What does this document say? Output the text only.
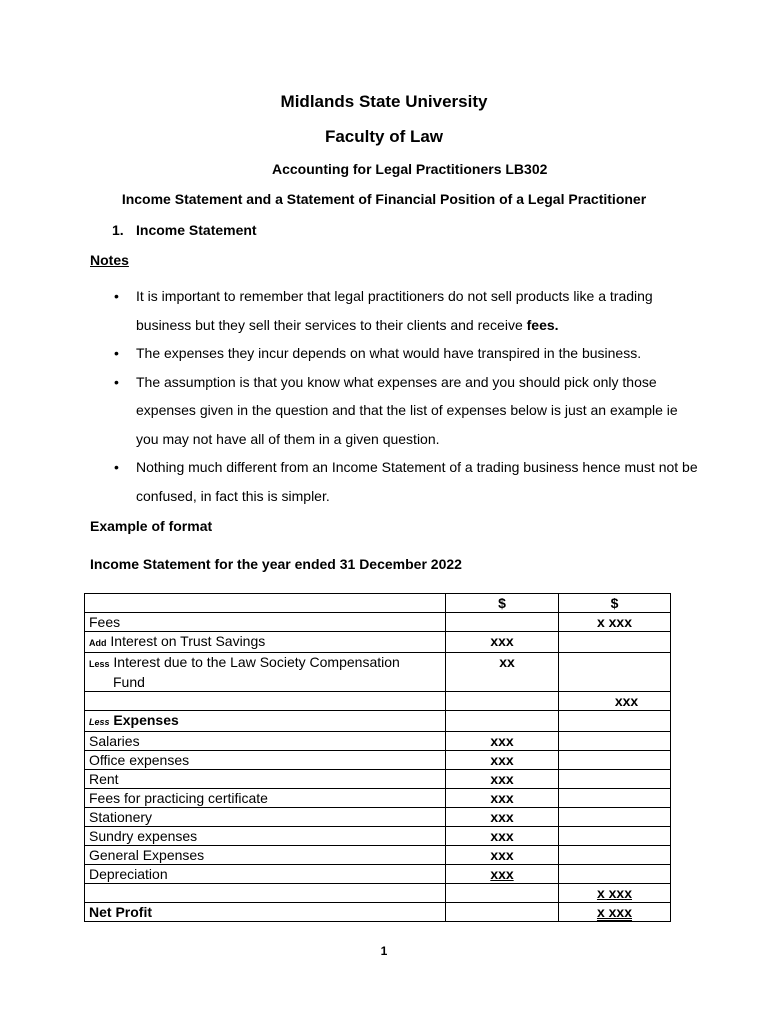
Midlands State University
Faculty of Law
Accounting for Legal Practitioners LB302
Income Statement and a Statement of Financial Position of a Legal Practitioner
1. Income Statement
Notes
• It is important to remember that legal practitioners do not sell products like a trading business but they sell their services to their clients and receive fees.
• The expenses they incur depends on what would have transpired in the business.
• The assumption is that you know what expenses are and you should pick only those expenses given in the question and that the list of expenses below is just an example ie you may not have all of them in a given question.
• Nothing much different from an Income Statement of a trading business hence must not be confused, in fact this is simpler.
Example of format
Income Statement for the year ended 31 December 2022
	$	$
Fees		x xxx
Add Interest on Trust Savings	xxx	
Less Interest due to the Law Society Compensation
Fund	xx	
		xxx
Less Expenses		
Salaries	xxx	
Office expenses	xxx	
Rent	xxx	
Fees for practicing certificate	xxx	
Stationery	xxx	
Sundry expenses	xxx	
General Expenses	xxx	
Depreciation	xxx	
		x xxx
Net Profit		x xxx
1
